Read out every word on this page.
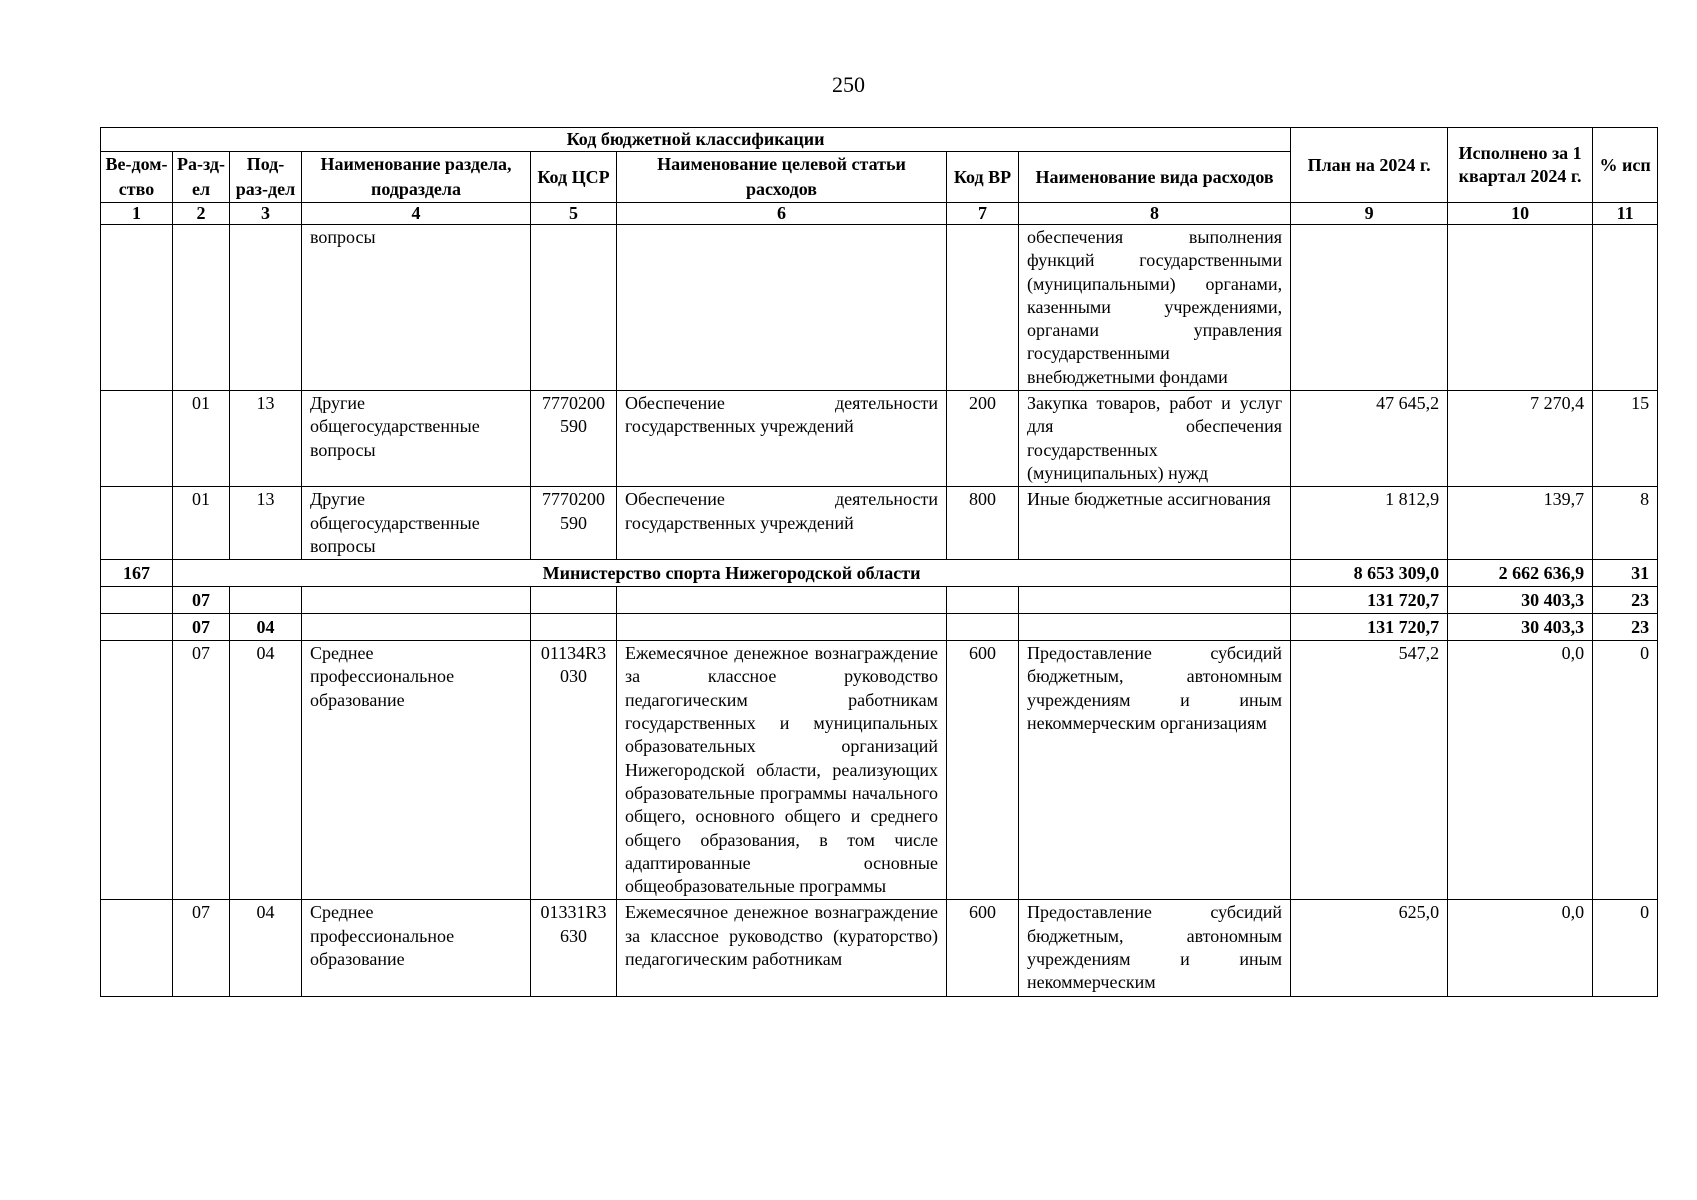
250
Код бюджетной классификации								План на 2024 г.	Исполнено за 1 квартал 2024 г.	% исп
Ве-дом-ство	Ра-зд-ел	Под-раз-дел	Наименование раздела, подраздела	Код ЦСР	Наименование целевой статьи расходов	Код ВР	Наименование вида расходов			
1	2	3	4	5	6	7	8	9	10	11
			вопросы				обеспечения выполнения функций государственными (муниципальными) органами, казенными учреждениями, органами управления государственными внебюджетными фондами			
	01	13	Другие общегосударственные вопросы	7770200590	Обеспечение деятельности государственных учреждений	200	Закупка товаров, работ и услуг для обеспечения государственных (муниципальных) нужд	47 645,2	7 270,4	15
	01	13	Другие общегосударственные вопросы	7770200590	Обеспечение деятельности государственных учреждений	800	Иные бюджетные ассигнования	1 812,9	139,7	8
167	Министерство спорта Нижегородской области							8 653 309,0	2 662 636,9	31
	07							131 720,7	30 403,3	23
	07	04						131 720,7	30 403,3	23
	07	04	Среднее профессиональное образование	01134R3030	Ежемесячное денежное вознаграждение за классное руководство педагогическим работникам государственных и муниципальных образовательных организаций Нижегородской области, реализующих образовательные программы начального общего, основного общего и среднего общего образования, в том числе адаптированные основные общеобразовательные программы	600	Предоставление субсидий бюджетным, автономным учреждениям и иным некоммерческим организациям	547,2	0,0	0
	07	04	Среднее профессиональное образование	01331R3630	Ежемесячное денежное вознаграждение за классное руководство (кураторство) педагогическим работникам	600	Предоставление субсидий бюджетным, автономным учреждениям и иным некоммерческим	625,0	0,0	0
